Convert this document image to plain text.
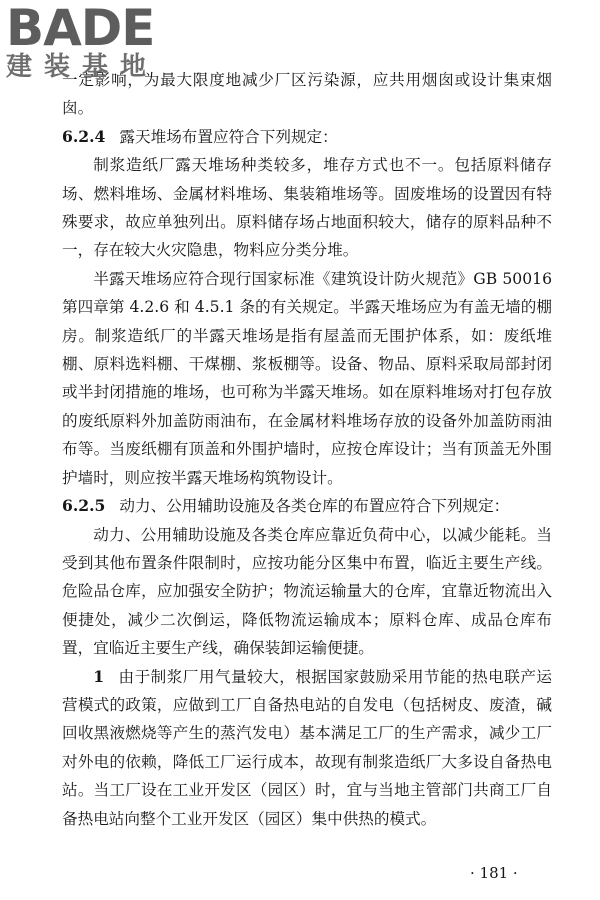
BADE
建装基地

一定影响，为最大限度地减少厂区污染源，应共用烟囱或设计集束烟囱。

6.2.4 露天堆场布置应符合下列规定：

制浆造纸厂露天堆场种类较多，堆存方式也不一。包括原料储存场、燃料堆场、金属材料堆场、集装箱堆场等。固废堆场的设置因有特殊要求，故应单独列出。原料储存场占地面积较大，储存的原料品种不一，存在较大火灾隐患，物料应分类分堆。

半露天堆场应符合现行国家标准《建筑设计防火规范》GB 50016第四章第 4.2.6 和 4.5.1 条的有关规定。半露天堆场应为有盖无墙的棚房。制浆造纸厂的半露天堆场是指有屋盖而无围护体系，如：废纸堆棚、原料选料棚、干煤棚、浆板棚等。设备、物品、原料采取局部封闭或半封闭措施的堆场，也可称为半露天堆场。如在原料堆场对打包存放的废纸原料外加盖防雨油布，在金属材料堆场存放的设备外加盖防雨油布等。当废纸棚有顶盖和外围护墙时，应按仓库设计；当有顶盖无外围护墙时，则应按半露天堆场构筑物设计。

6.2.5 动力、公用辅助设施及各类仓库的布置应符合下列规定：

动力、公用辅助设施及各类仓库应靠近负荷中心，以减少能耗。当受到其他布置条件限制时，应按功能分区集中布置，临近主要生产线。危险品仓库，应加强安全防护；物流运输量大的仓库，宜靠近物流出入便捷处，减少二次倒运，降低物流运输成本；原料仓库、成品仓库布置，宜临近主要生产线，确保装卸运输便捷。

1 由于制浆厂用气量较大，根据国家鼓励采用节能的热电联产运营模式的政策，应做到工厂自备热电站的自发电（包括树皮、废渣，碱回收黑液燃烧等产生的蒸汽发电）基本满足工厂的生产需求，减少工厂对外电的依赖，降低工厂运行成本，故现有制浆造纸厂大多设自备热电站。当工厂设在工业开发区（园区）时，宜与当地主管部门共商工厂自备热电站向整个工业开发区（园区）集中供热的模式。

· 181 ·
